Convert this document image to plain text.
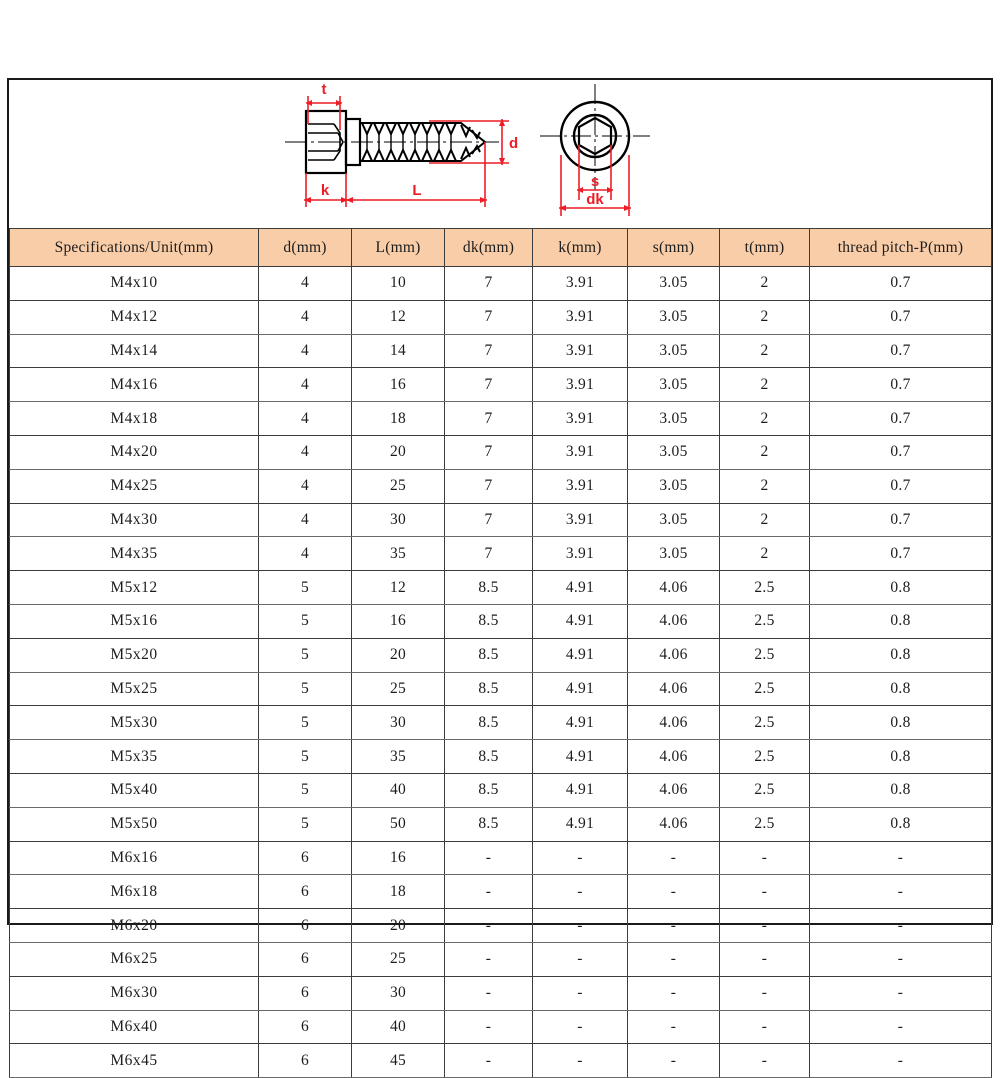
t
k	L
d
s
dk
Specifications/Unit(mm)	d(mm)	L(mm)	dk(mm)	k(mm)	s(mm)	t(mm)	thread pitch-P(mm)
M4x10	4	10	7	3.91	3.05	2	0.7
M4x12	4	12	7	3.91	3.05	2	0.7
M4x14	4	14	7	3.91	3.05	2	0.7
M4x16	4	16	7	3.91	3.05	2	0.7
M4x18	4	18	7	3.91	3.05	2	0.7
M4x20	4	20	7	3.91	3.05	2	0.7
M4x25	4	25	7	3.91	3.05	2	0.7
M4x30	4	30	7	3.91	3.05	2	0.7
M4x35	4	35	7	3.91	3.05	2	0.7
M5x12	5	12	8.5	4.91	4.06	2.5	0.8
M5x16	5	16	8.5	4.91	4.06	2.5	0.8
M5x20	5	20	8.5	4.91	4.06	2.5	0.8
M5x25	5	25	8.5	4.91	4.06	2.5	0.8
M5x30	5	30	8.5	4.91	4.06	2.5	0.8
M5x35	5	35	8.5	4.91	4.06	2.5	0.8
M5x40	5	40	8.5	4.91	4.06	2.5	0.8
M5x50	5	50	8.5	4.91	4.06	2.5	0.8
M6x16	6	16	-	-	-	-	-
M6x18	6	18	-	-	-	-	-
M6x20	6	20	-	-	-	-	-
M6x25	6	25	-	-	-	-	-
M6x30	6	30	-	-	-	-	-
M6x40	6	40	-	-	-	-	-
M6x45	6	45	-	-	-	-	-
